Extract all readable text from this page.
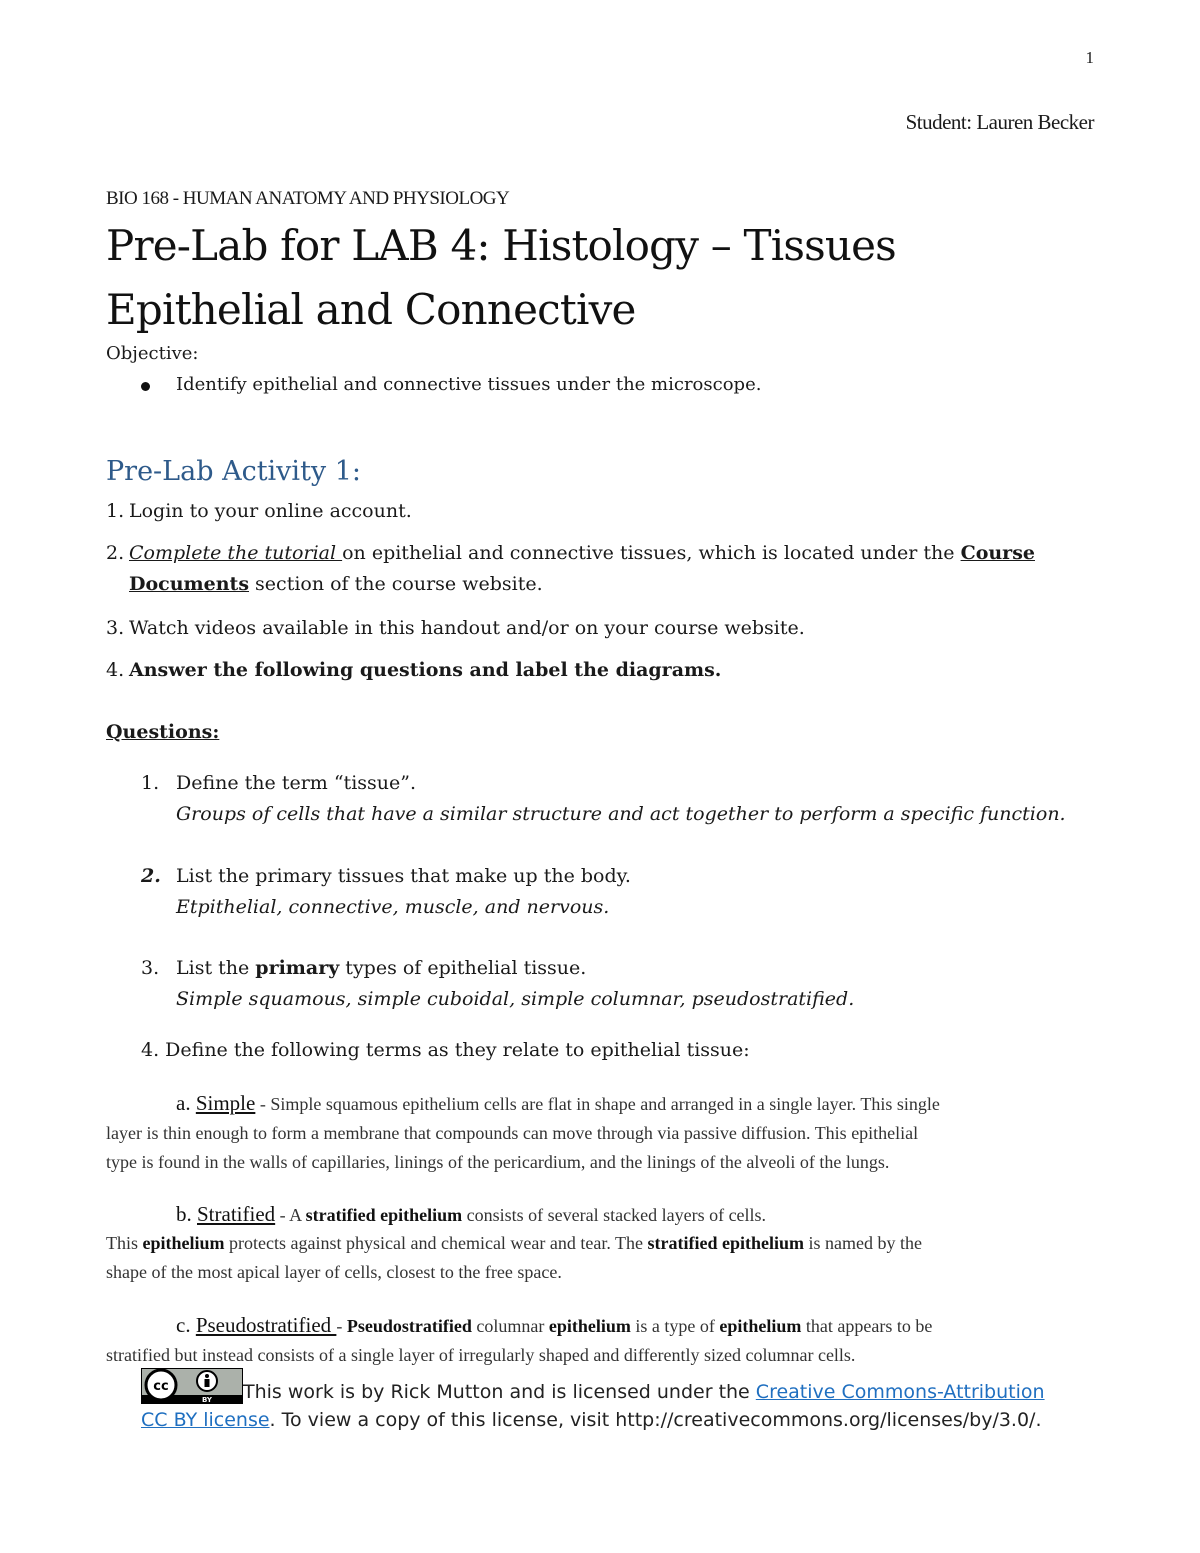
1
Student: Lauren Becker
BIO 168 - HUMAN ANATOMY AND PHYSIOLOGY
Pre-Lab for LAB 4: Histology – Tissues
Epithelial and Connective
Objective:
Identify epithelial and connective tissues under the microscope.
Pre-Lab Activity 1:
1. Login to your online account.
2. Complete the tutorial on epithelial and connective tissues, which is located under the Course
Documents section of the course website.
3. Watch videos available in this handout and/or on your course website.
4. Answer the following questions and label the diagrams.
Questions:
1. Define the term “tissue”.
Groups of cells that have a similar structure and act together to perform a specific function.
2. List the primary tissues that make up the body.
Etpithelial, connective, muscle, and nervous.
3. List the primary types of epithelial tissue.
Simple squamous, simple cuboidal, simple columnar, pseudostratified.
4. Define the following terms as they relate to epithelial tissue:
a. Simple - Simple squamous epithelium cells are flat in shape and arranged in a single layer. This single
layer is thin enough to form a membrane that compounds can move through via passive diffusion. This epithelial
type is found in the walls of capillaries, linings of the pericardium, and the linings of the alveoli of the lungs.
b. Stratified - A stratified epithelium consists of several stacked layers of cells.
This epithelium protects against physical and chemical wear and tear. The stratified epithelium is named by the
shape of the most apical layer of cells, closest to the free space.
c. Pseudostratified - Pseudostratified columnar epithelium is a type of epithelium that appears to be
stratified but instead consists of a single layer of irregularly shaped and differently sized columnar cells.
cc
BY This work is by Rick Mutton and is licensed under the Creative Commons-Attribution
CC BY license. To view a copy of this license, visit http://creativecommons.org/licenses/by/3.0/.
